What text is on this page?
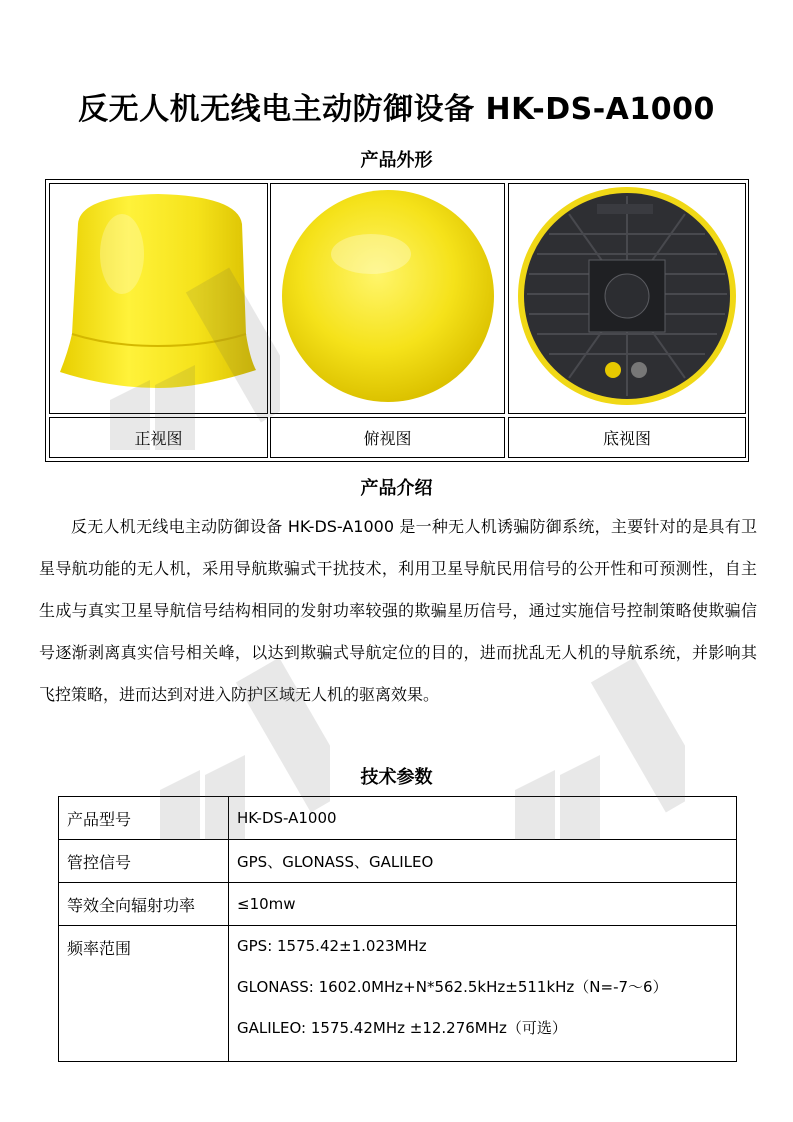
反无人机无线电主动防御设备 HK-DS-A1000
产品外形
正视图	俯视图	底视图
产品介绍

反无人机无线电主动防御设备 HK-DS-A1000 是一种无人机诱骗防御系统，主要针对的是具有卫星导航功能的无人机，采用导航欺骗式干扰技术，利用卫星导航民用信号的公开性和可预测性，自主生成与真实卫星导航信号结构相同的发射功率较强的欺骗星历信号，通过实施信号控制策略使欺骗信号逐渐剥离真实信号相关峰，以达到欺骗式导航定位的目的，进而扰乱无人机的导航系统，并影响其飞控策略，进而达到对进入防护区域无人机的驱离效果。

技术参数
产品型号	HK-DS-A1000
管控信号	GPS、GLONASS、GALILEO
等效全向辐射功率	≤10mw
频率范围	GPS: 1575.42±1.023MHz
GLONASS: 1602.0MHz+N*562.5kHz±511kHz（N=-7～6）
GALILEO: 1575.42MHz ±12.276MHz（可选）
